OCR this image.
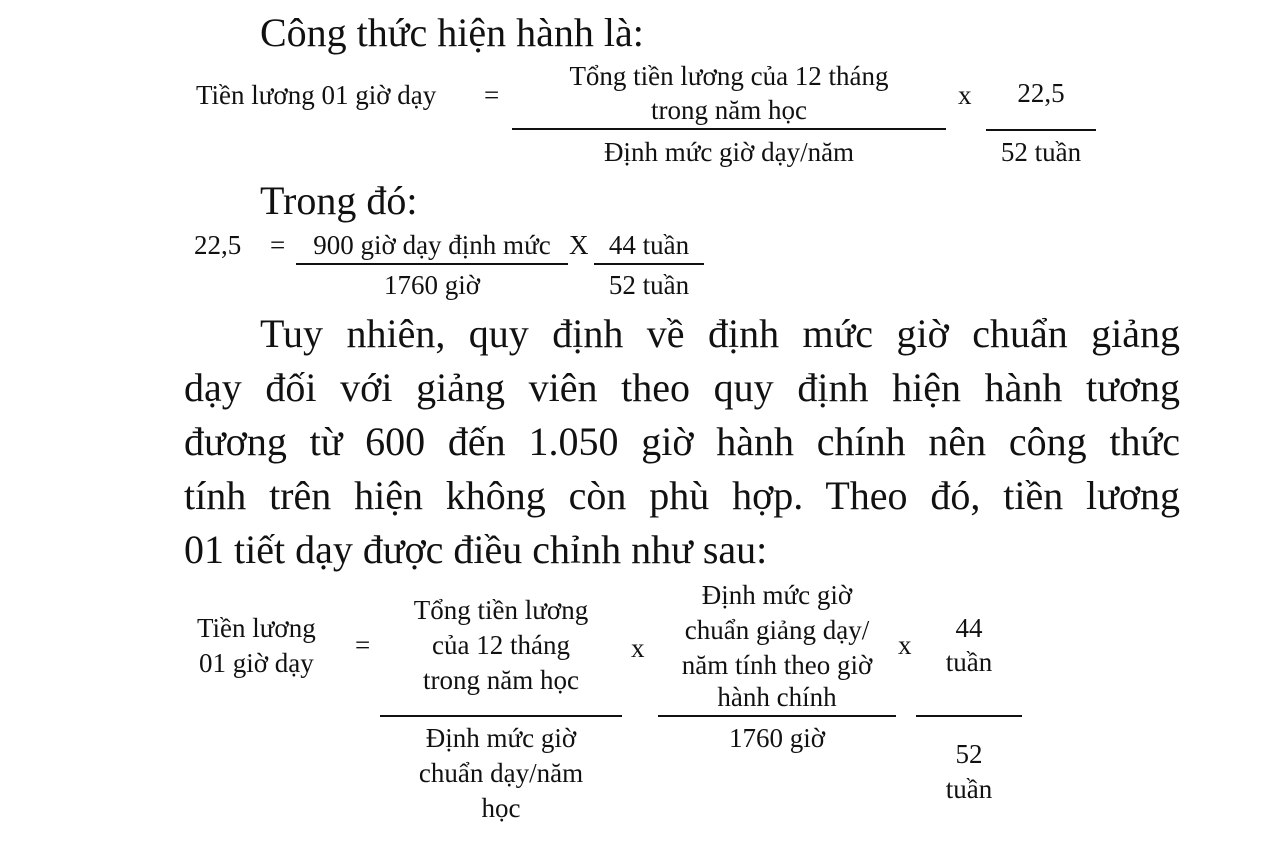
Công thức hiện hành là:
Tiền lương 01 giờ dạy =
Tổng tiền lương của 12 tháng
trong năm học
Định mức giờ dạy/năm
x	22,5
52 tuần
Trong đó:
22,5 =	900 giờ dạy định mức
1760 giờ
X 44 tuần
52 tuần
Tuy nhiên, quy định về định mức giờ chuẩn giảng
dạy đối với giảng viên theo quy định hiện hành tương
đương từ 600 đến 1.050 giờ hành chính nên công thức
tính trên hiện không còn phù hợp. Theo đó, tiền lương
01 tiết dạy được điều chỉnh như sau:
Tiền lương
01 giờ dạy
=
Tổng tiền lương
của 12 tháng
trong năm học
Định mức giờ
chuẩn dạy/năm
học
x
Định mức giờ
chuẩn giảng dạy/
năm tính theo giờ
hành chính
1760 giờ
x
44
tuần
52
tuần
